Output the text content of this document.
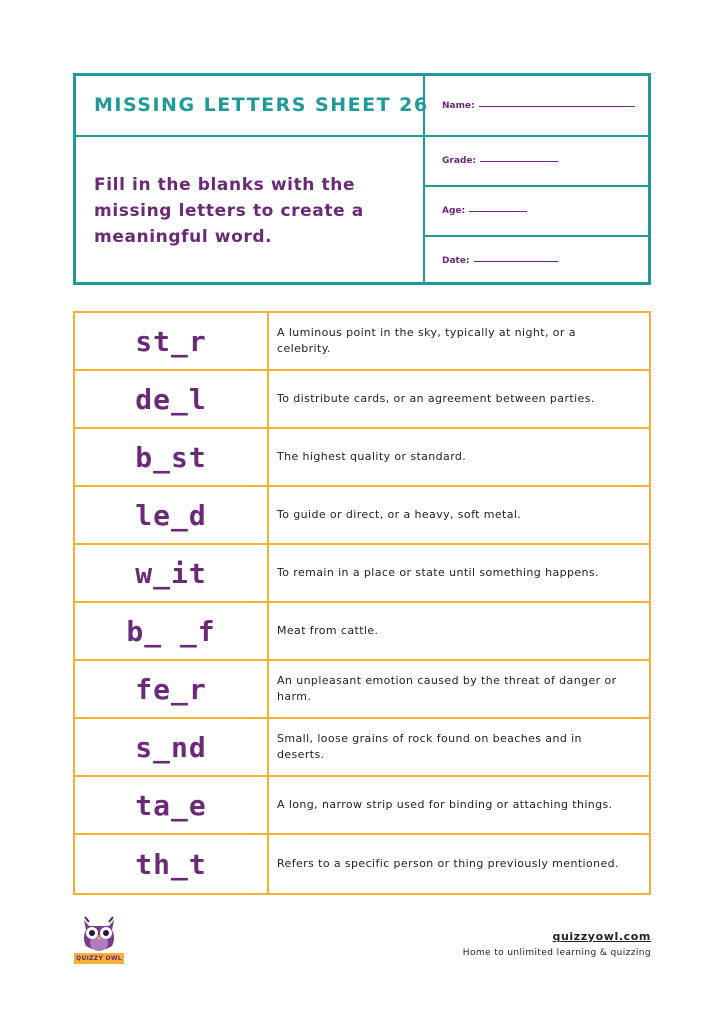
MISSING LETTERS SHEET 26
Fill in the blanks with the missing letters to create a meaningful word.
Name:
Grade:
Age:
Date:
st_r	A luminous point in the sky, typically at night, or a celebrity.
de_l	To distribute cards, or an agreement between parties.
b_st	The highest quality or standard.
le_d	To guide or direct, or a heavy, soft metal.
w_it	To remain in a place or state until something happens.
b_ _f	Meat from cattle.
fe_r	An unpleasant emotion caused by the threat of danger or harm.
s_nd	Small, loose grains of rock found on beaches and in deserts.
ta_e	A long, narrow strip used for binding or attaching things.
th_t	Refers to a specific person or thing previously mentioned.
QUIZZY OWL
quizzyowl.com
Home to unlimited learning & quizzing
